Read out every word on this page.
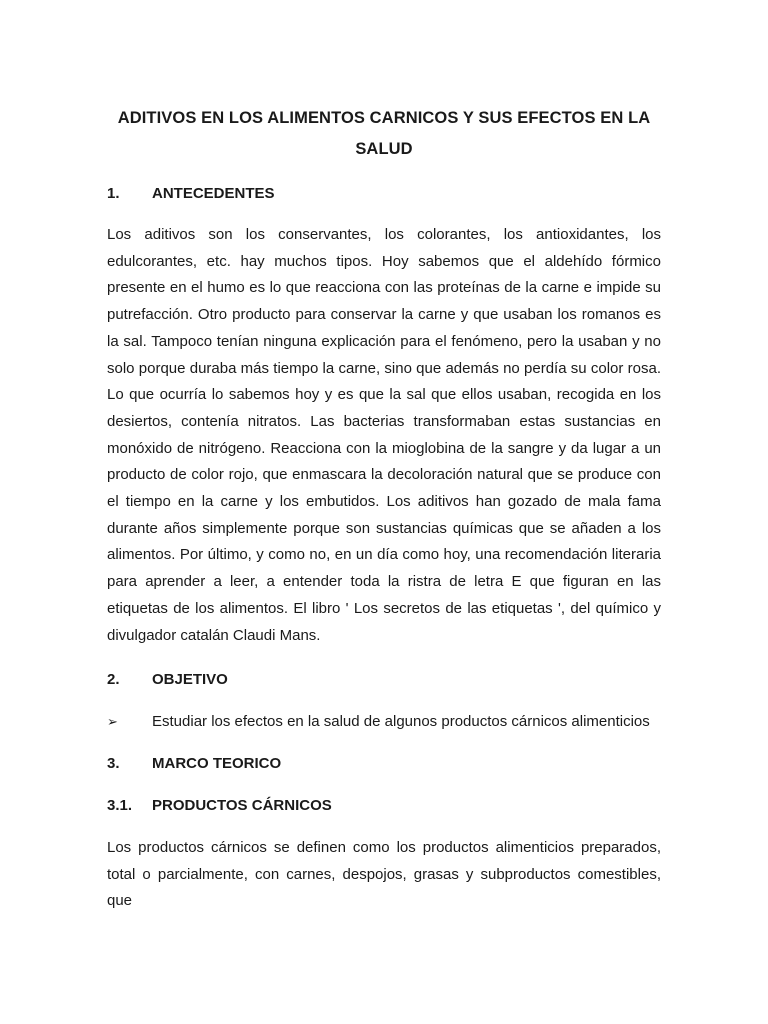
ADITIVOS EN LOS ALIMENTOS CARNICOS Y SUS EFECTOS EN LA SALUD
1. ANTECEDENTES
Los aditivos son los conservantes, los colorantes, los antioxidantes, los edulcorantes, etc. hay muchos tipos. Hoy sabemos que el aldehído fórmico presente en el humo es lo que reacciona con las proteínas de la carne e impide su putrefacción. Otro producto para conservar la carne y que usaban los romanos es la sal. Tampoco tenían ninguna explicación para el fenómeno, pero la usaban y no solo porque duraba más tiempo la carne, sino que además no perdía su color rosa. Lo que ocurría lo sabemos hoy y es que la sal que ellos usaban, recogida en los desiertos, contenía nitratos. Las bacterias transformaban estas sustancias en monóxido de nitrógeno. Reacciona con la mioglobina de la sangre y da lugar a un producto de color rojo, que enmascara la decoloración natural que se produce con el tiempo en la carne y los embutidos. Los aditivos han gozado de mala fama durante años simplemente porque son sustancias químicas que se añaden a los alimentos. Por último, y como no, en un día como hoy, una recomendación literaria para aprender a leer, a entender toda la ristra de letra E que figuran en las etiquetas de los alimentos. El libro ' Los secretos de las etiquetas ', del químico y divulgador catalán Claudi Mans.
2. OBJETIVO
➢ Estudiar los efectos en la salud de algunos productos cárnicos alimenticios
3. MARCO TEORICO
3.1. PRODUCTOS CÁRNICOS
Los productos cárnicos se definen como los productos alimenticios preparados, total o parcialmente, con carnes, despojos, grasas y subproductos comestibles, que
